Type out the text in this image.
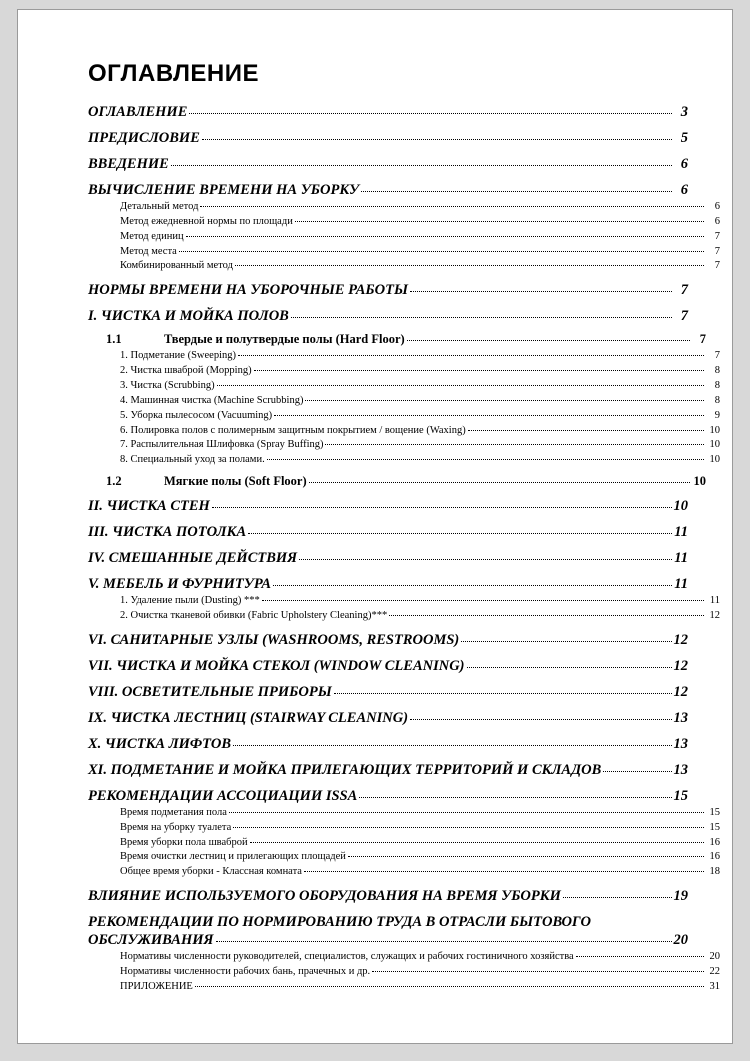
ОГЛАВЛЕНИЕ
ОГЛАВЛЕНИЕ	3
ПРЕДИСЛОВИЕ	5
ВВЕДЕНИЕ	6
ВЫЧИСЛЕНИЕ ВРЕМЕНИ НА УБОРКУ	6
Детальный метод	6
Метод ежедневной нормы по площади	6
Метод единиц	7
Метод места	7
Комбинированный метод	7
НОРМЫ ВРЕМЕНИ НА УБОРОЧНЫЕ РАБОТЫ	7
I. ЧИСТКА И МОЙКА ПОЛОВ	7
1.1	Твердые и полутвердые полы (Hard Floor)	7
1. Подметание (Sweeping)	7
2. Чистка шваброй (Mopping)	8
3. Чистка (Scrubbing)	8
4. Машинная чистка (Machine Scrubbing)	8
5. Уборка пылесосом (Vacuuming)	9
6. Полировка полов с полимерным защитным покрытием / вощение (Waxing)	10
7. Распылительная Шлифовка (Spray Buffing)	10
8. Специальный уход за полами.	10
1.2	Мягкие полы (Soft Floor)	10
II. ЧИСТКА СТЕН	10
III. ЧИСТКА ПОТОЛКА	11
IV. СМЕШАННЫЕ ДЕЙСТВИЯ	11
V. МЕБЕЛЬ И ФУРНИТУРА	11
1. Удаление пыли (Dusting) ***	11
2. Очистка тканевой обивки (Fabric Upholstery Cleaning)***	12
VI. САНИТАРНЫЕ УЗЛЫ (WASHROOMS, RESTROOMS)	12
VII. ЧИСТКА И МОЙКА СТЕКОЛ (WINDOW CLEANING)	12
VIII. ОСВЕТИТЕЛЬНЫЕ ПРИБОРЫ	12
IX. ЧИСТКА ЛЕСТНИЦ (STAIRWAY CLEANING)	13
X. ЧИСТКА ЛИФТОВ	13
XI. ПОДМЕТАНИЕ И МОЙКА ПРИЛЕГАЮЩИХ ТЕРРИТОРИЙ И СКЛАДОВ	13
РЕКОМЕНДАЦИИ АССОЦИАЦИИ ISSA	15
Время подметания пола	15
Время на уборку туалета	15
Время уборки пола шваброй	16
Время очистки лестниц и прилегающих площадей	16
Общее время уборки - Классная комната	18
ВЛИЯНИЕ ИСПОЛЬЗУЕМОГО ОБОРУДОВАНИЯ НА ВРЕМЯ УБОРКИ	19
РЕКОМЕНДАЦИИ ПО НОРМИРОВАНИЮ ТРУДА В ОТРАСЛИ БЫТОВОГО
ОБСЛУЖИВАНИЯ	20
Нормативы численности руководителей, специалистов, служащих и рабочих гостиничного хозяйства	20
Нормативы численности рабочих бань, прачечных и др.	22
ПРИЛОЖЕНИЕ	31
